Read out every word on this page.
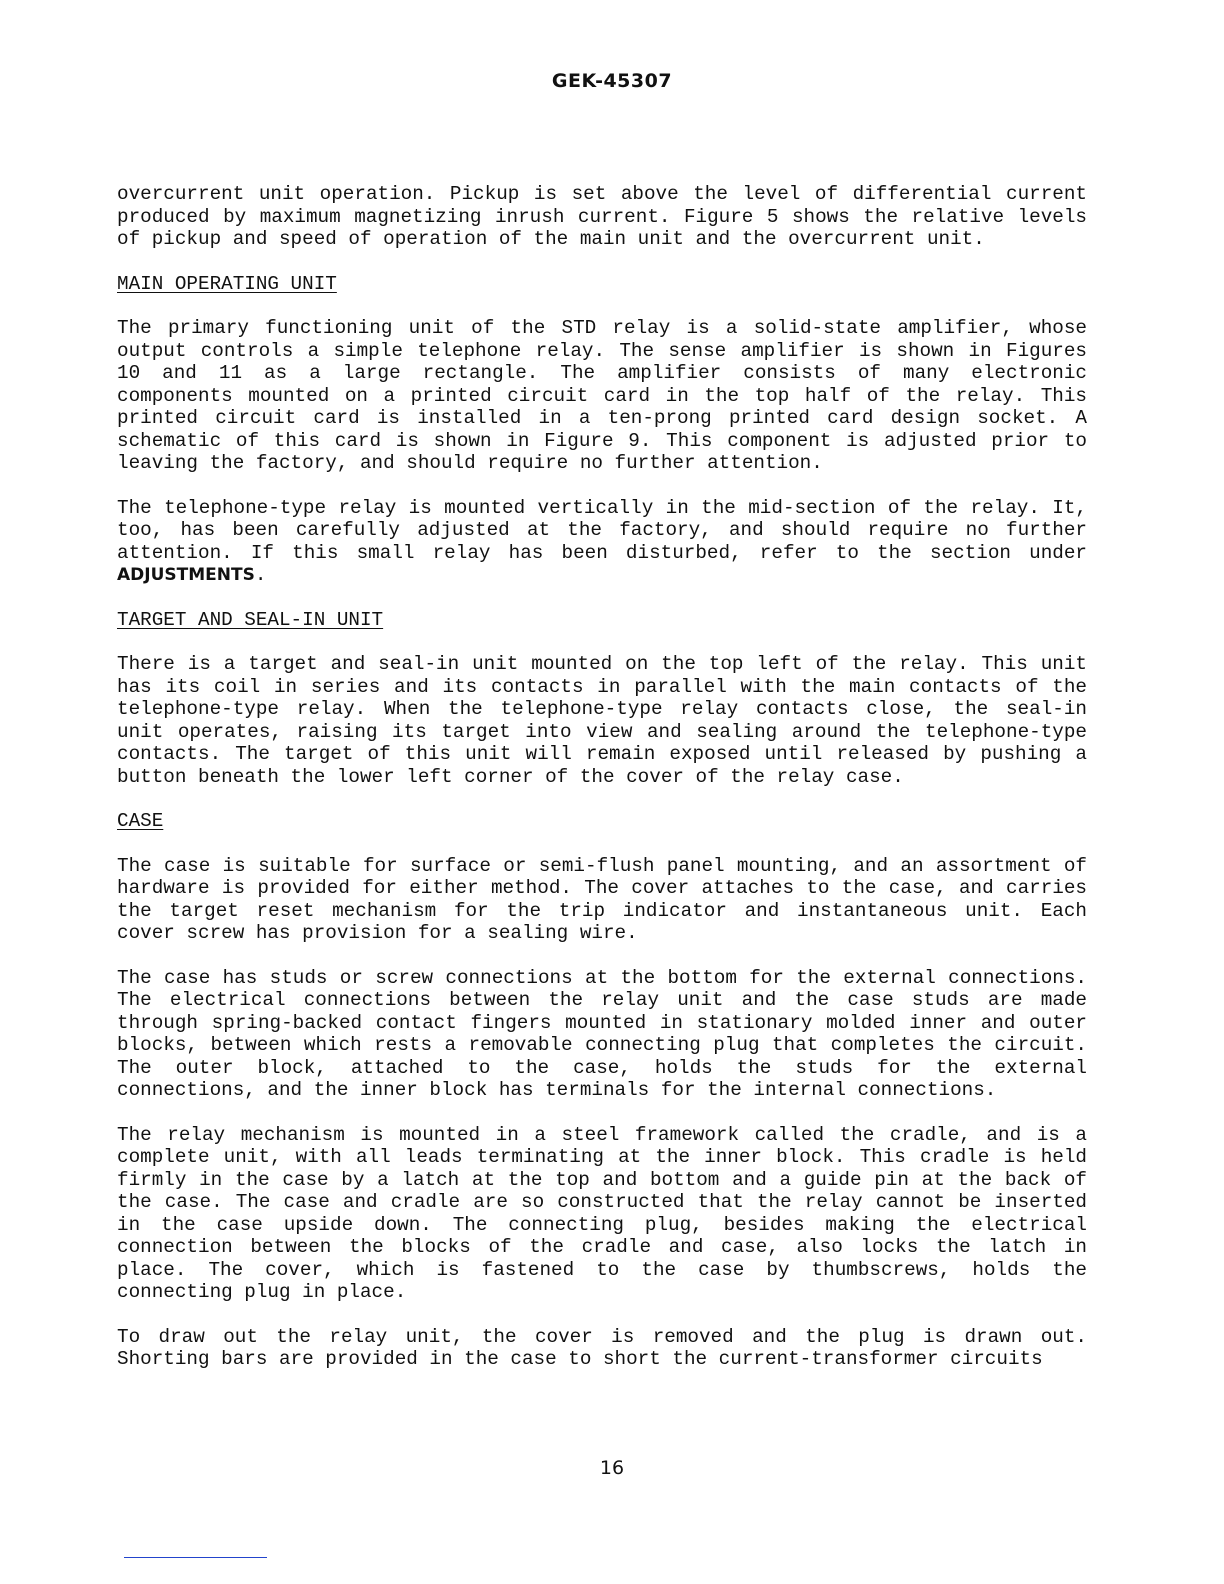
GEK-45307

overcurrent unit operation. Pickup is set above the level of differential current produced by maximum magnetizing inrush current. Figure 5 shows the relative levels of pickup and speed of operation of the main unit and the overcurrent unit.

MAIN OPERATING UNIT

The primary functioning unit of the STD relay is a solid-state amplifier, whose output controls a simple telephone relay. The sense amplifier is shown in Figures 10 and 11 as a large rectangle. The amplifier consists of many electronic components mounted on a printed circuit card in the top half of the relay. This printed circuit card is installed in a ten-prong printed card design socket. A schematic of this card is shown in Figure 9. This component is adjusted prior to leaving the factory, and should require no further attention.

The telephone-type relay is mounted vertically in the mid-section of the relay. It, too, has been carefully adjusted at the factory, and should require no further attention. If this small relay has been disturbed, refer to the section under ADJUSTMENTS.

TARGET AND SEAL-IN UNIT

There is a target and seal-in unit mounted on the top left of the relay. This unit has its coil in series and its contacts in parallel with the main contacts of the telephone-type relay. When the telephone-type relay contacts close, the seal-in unit operates, raising its target into view and sealing around the telephone-type contacts. The target of this unit will remain exposed until released by pushing a button beneath the lower left corner of the cover of the relay case.

CASE

The case is suitable for surface or semi-flush panel mounting, and an assortment of hardware is provided for either method. The cover attaches to the case, and carries the target reset mechanism for the trip indicator and instantaneous unit. Each cover screw has provision for a sealing wire.

The case has studs or screw connections at the bottom for the external connections. The electrical connections between the relay unit and the case studs are made through spring-backed contact fingers mounted in stationary molded inner and outer blocks, between which rests a removable connecting plug that completes the circuit. The outer block, attached to the case, holds the studs for the external connections, and the inner block has terminals for the internal connections.

The relay mechanism is mounted in a steel framework called the cradle, and is a complete unit, with all leads terminating at the inner block. This cradle is held firmly in the case by a latch at the top and bottom and a guide pin at the back of the case. The case and cradle are so constructed that the relay cannot be inserted in the case upside down. The connecting plug, besides making the electrical connection between the blocks of the cradle and case, also locks the latch in place. The cover, which is fastened to the case by thumbscrews, holds the connecting plug in place.

To draw out the relay unit, the cover is removed and the plug is drawn out. Shorting bars are provided in the case to short the current-transformer circuits

16
